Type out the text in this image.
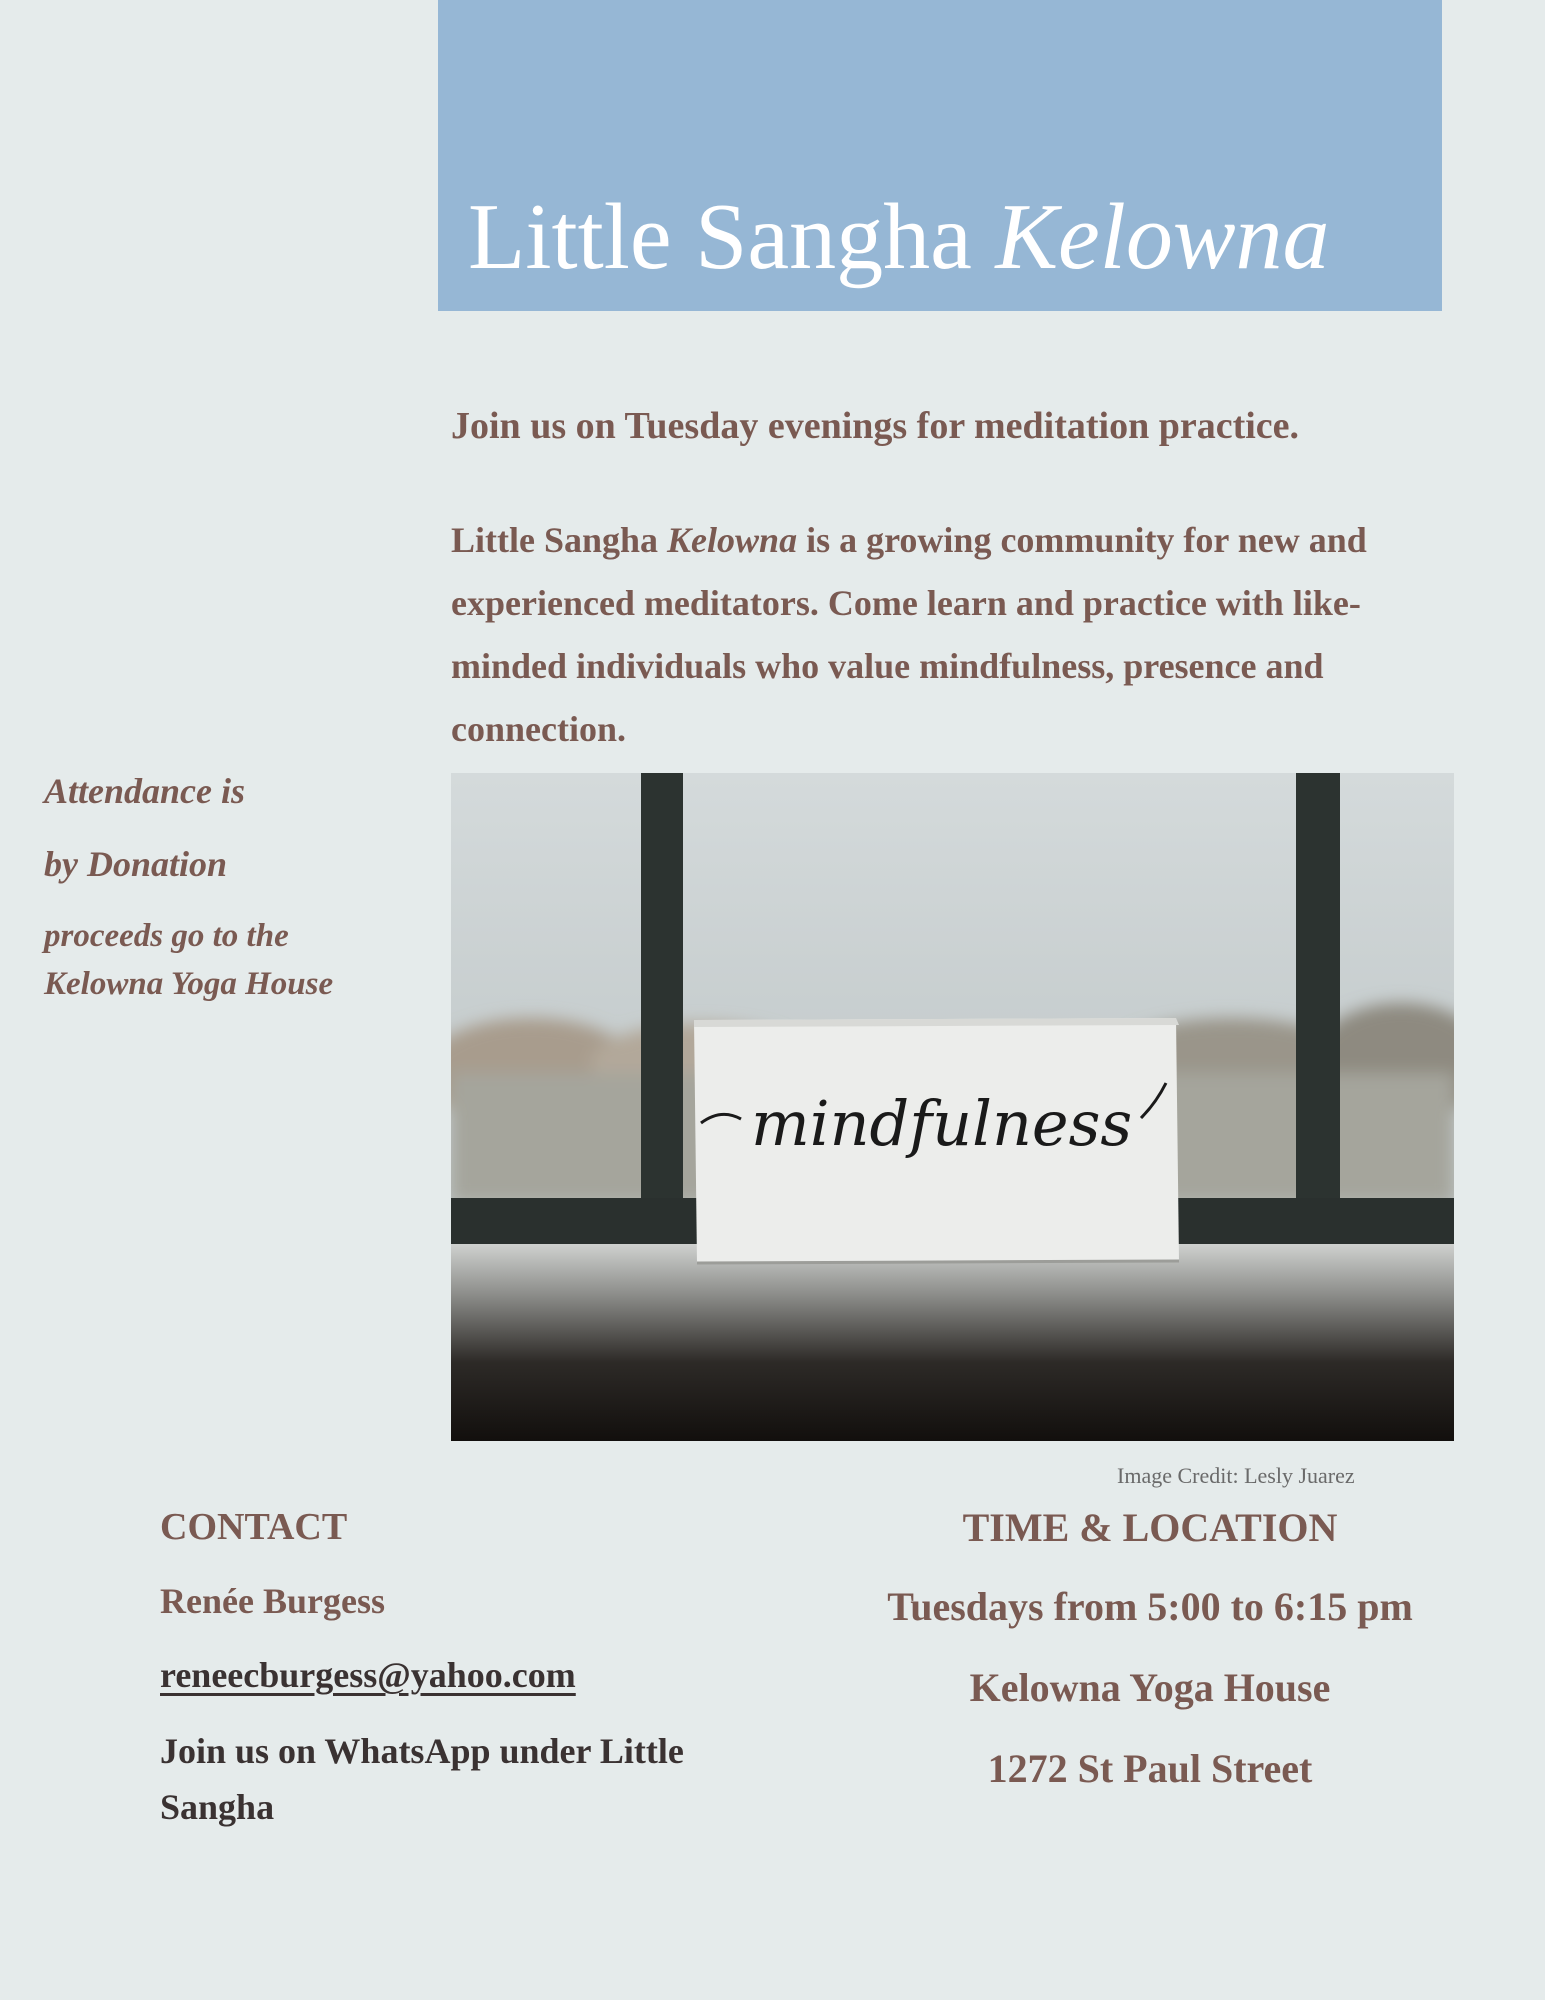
Little Sangha Kelowna

Join us on Tuesday evenings for meditation practice.

Little Sangha Kelowna is a growing community for new and experienced meditators. Come learn and practice with like-minded individuals who value mindfulness, presence and connection.

Attendance is

by Donation

proceeds go to the Kelowna Yoga House

mindfulness

Image Credit: Lesly Juarez

CONTACT

Renée Burgess

reneecburgess@yahoo.com

Join us on WhatsApp under Little Sangha

TIME & LOCATION

Tuesdays from 5:00 to 6:15 pm

Kelowna Yoga House

1272 St Paul Street
